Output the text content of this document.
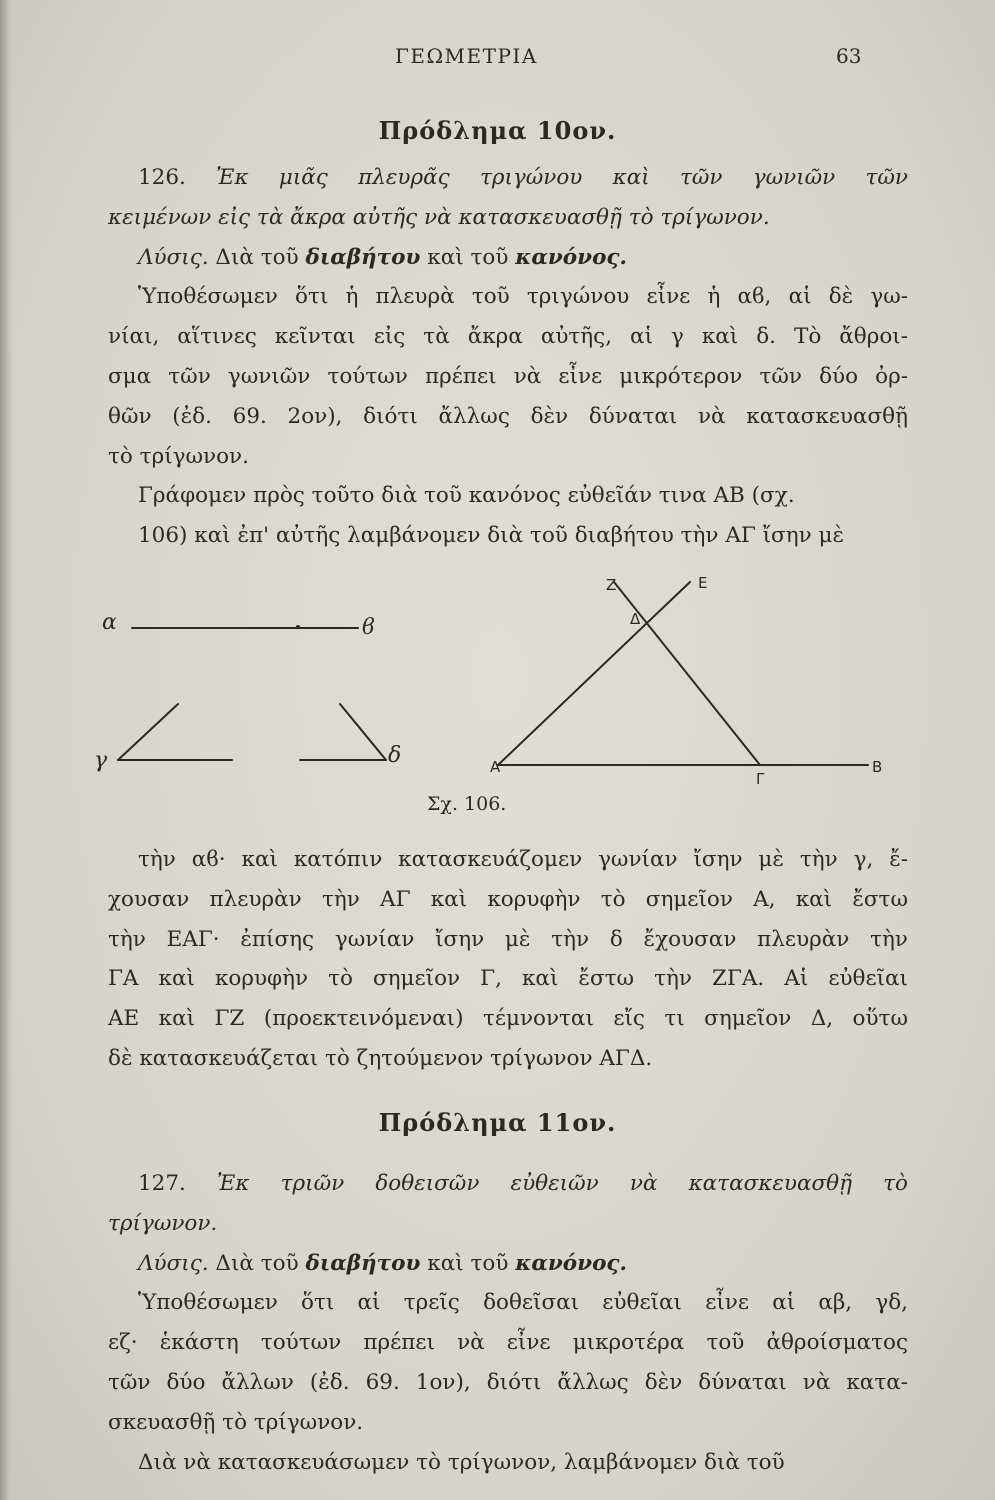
ΓΕΩΜΕΤΡΙΑ	63
Πρόδλημα 10ον.
126. Ἐκ μιᾶς πλευρᾶς τριγώνου καὶ τῶν γωνιῶν τῶν
κειμένων εἰς τὰ ἄκρα αὐτῆς νὰ κατασκευασθῇ τὸ τρίγωνον.
Λύσις. Διὰ τοῦ διαβήτου καὶ τοῦ κανόνος.
Ὑποθέσωμεν ὅτι ἡ πλευρὰ τοῦ τριγώνου εἶνε ἡ αϐ, αἱ δὲ γω-
νίαι, αἵτινες κεῖνται εἰς τὰ ἄκρα αὐτῆς, αἱ γ καὶ δ. Τὸ ἄθροι-
σμα τῶν γωνιῶν τούτων πρέπει νὰ εἶνε μικρότερον τῶν δύο ὀρ-
θῶν (ἐδ. 69. 2ον), διότι ἄλλως δὲν δύναται νὰ κατασκευασθῇ
τὸ τρίγωνον.
Γράφομεν πρὸς τοῦτο διὰ τοῦ κανόνος εὐθεῖάν τινα ΑΒ (σχ.
106) καὶ ἐπ' αὐτῆς λαμβάνομεν διὰ τοῦ διαβήτου τὴν ΑΓ ἴσην μὲ
α	ϐ
γ	δ	Α	Β
Γ
Δ
Ε
Ζ
Σχ. 106.
τὴν αϐ· καὶ κατόπιν κατασκευάζομεν γωνίαν ἴσην μὲ τὴν γ, ἔ-
χουσαν πλευρὰν τὴν ΑΓ καὶ κορυφὴν τὸ σημεῖον Α, καὶ ἔστω
τὴν ΕΑΓ· ἐπίσης γωνίαν ἴσην μὲ τὴν δ ἔχουσαν πλευρὰν τὴν
ΓΑ καὶ κορυφὴν τὸ σημεῖον Γ, καὶ ἔστω τὴν ΖΓΑ. Αἱ εὐθεῖαι
ΑΕ καὶ ΓΖ (προεκτεινόμεναι) τέμνονται εἴς τι σημεῖον Δ, οὕτω
δὲ κατασκευάζεται τὸ ζητούμενον τρίγωνον ΑΓΔ.
Πρόδλημα 11ον.
127. Ἐκ τριῶν δοθεισῶν εὐθειῶν νὰ κατασκευασθῇ τὸ
τρίγωνον.
Λύσις. Διὰ τοῦ διαβήτου καὶ τοῦ κανόνος.
Ὑποθέσωμεν ὅτι αἱ τρεῖς δοθεῖσαι εὐθεῖαι εἶνε αἱ αβ, γδ,
εζ· ἑκάστη τούτων πρέπει νὰ εἶνε μικροτέρα τοῦ ἀθροίσματος
τῶν δύο ἄλλων (ἐδ. 69. 1ον), διότι ἄλλως δὲν δύναται νὰ κατα-
σκευασθῇ τὸ τρίγωνον.
Διὰ νὰ κατασκευάσωμεν τὸ τρίγωνον, λαμβάνομεν διὰ τοῦ
